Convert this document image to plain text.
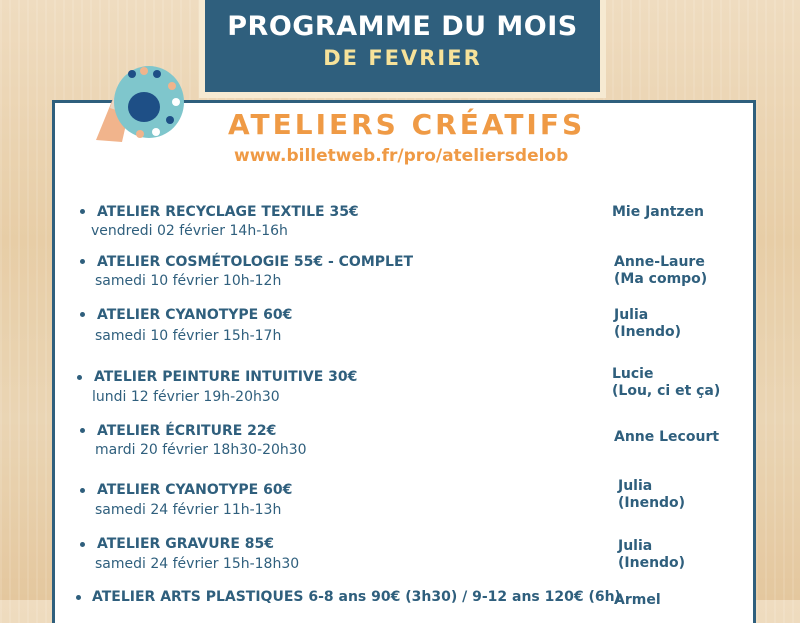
PROGRAMME DU MOIS
DE FEVRIER
ATELIERS CRÉATIFS
www.billetweb.fr/pro/ateliersdelob
ATELIER RECYCLAGE TEXTILE 35€
vendredi 02 février 14h-16h
Mie Jantzen
ATELIER COSMÉTOLOGIE 55€ - COMPLET
samedi 10 février 10h-12h
Anne-Laure
(Ma compo)
ATELIER CYANOTYPE 60€
samedi 10 février 15h-17h
Julia
(Inendo)
ATELIER PEINTURE INTUITIVE 30€
lundi 12 février 19h-20h30
Lucie
(Lou, ci et ça)
ATELIER ÉCRITURE 22€
mardi 20 février 18h30-20h30
Anne Lecourt
ATELIER CYANOTYPE 60€
samedi 24 février 11h-13h
Julia
(Inendo)
ATELIER GRAVURE 85€
samedi 24 février 15h-18h30
Julia
(Inendo)
ATELIER ARTS PLASTIQUES 6-8 ans 90€ (3h30) / 9-12 ans 120€ (6h)
Armel
